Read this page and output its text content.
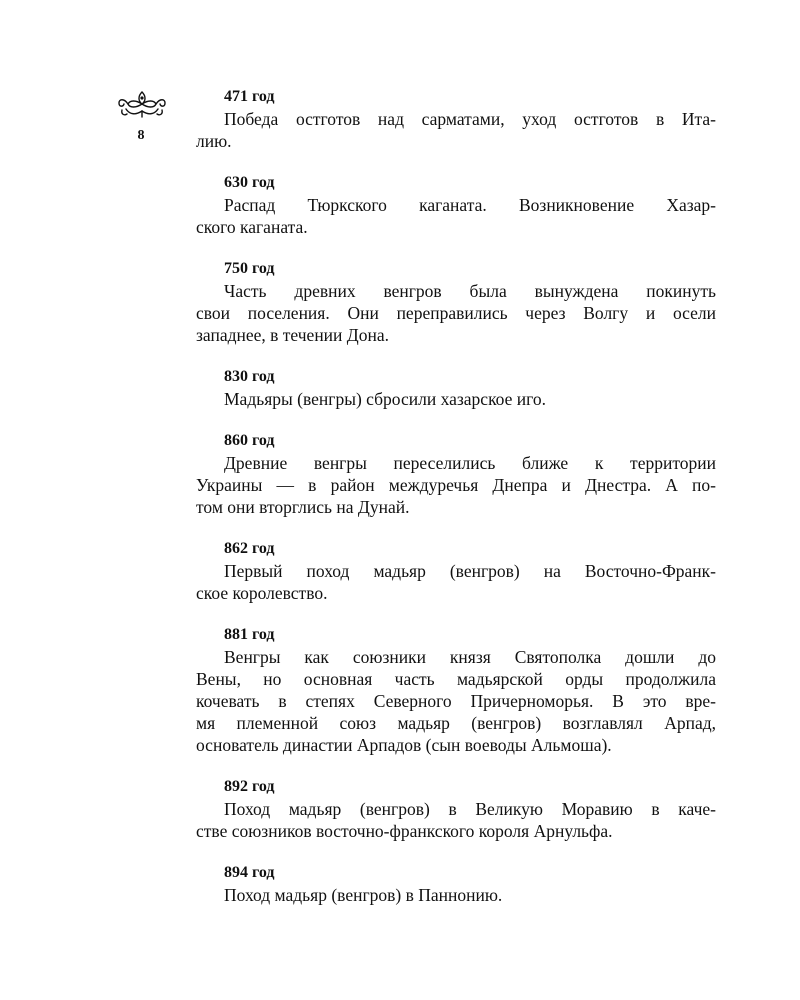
8

471 год

Победа остготов над сарматами, уход остготов в Ита-
лию.

630 год

Распад Тюркского каганата. Возникновение Хазар-
ского каганата.

750 год

Часть древних венгров была вынуждена покинуть
свои поселения. Они переправились через Волгу и осели
западнее, в течении Дона.

830 год

Мадьяры (венгры) сбросили хазарское иго.

860 год

Древние венгры переселились ближе к территории
Украины — в район междуречья Днепра и Днестра. А по-
том они вторглись на Дунай.

862 год

Первый поход мадьяр (венгров) на Восточно-Франк-
ское королевство.

881 год

Венгры как союзники князя Святополка дошли до
Вены, но основная часть мадьярской орды продолжила
кочевать в степях Северного Причерноморья. В это вре-
мя племенной союз мадьяр (венгров) возглавлял Арпад,
основатель династии Арпадов (сын воеводы Альмоша).

892 год

Поход мадьяр (венгров) в Великую Моравию в каче-
стве союзников восточно-франкского короля Арнульфа.

894 год

Поход мадьяр (венгров) в Паннонию.
